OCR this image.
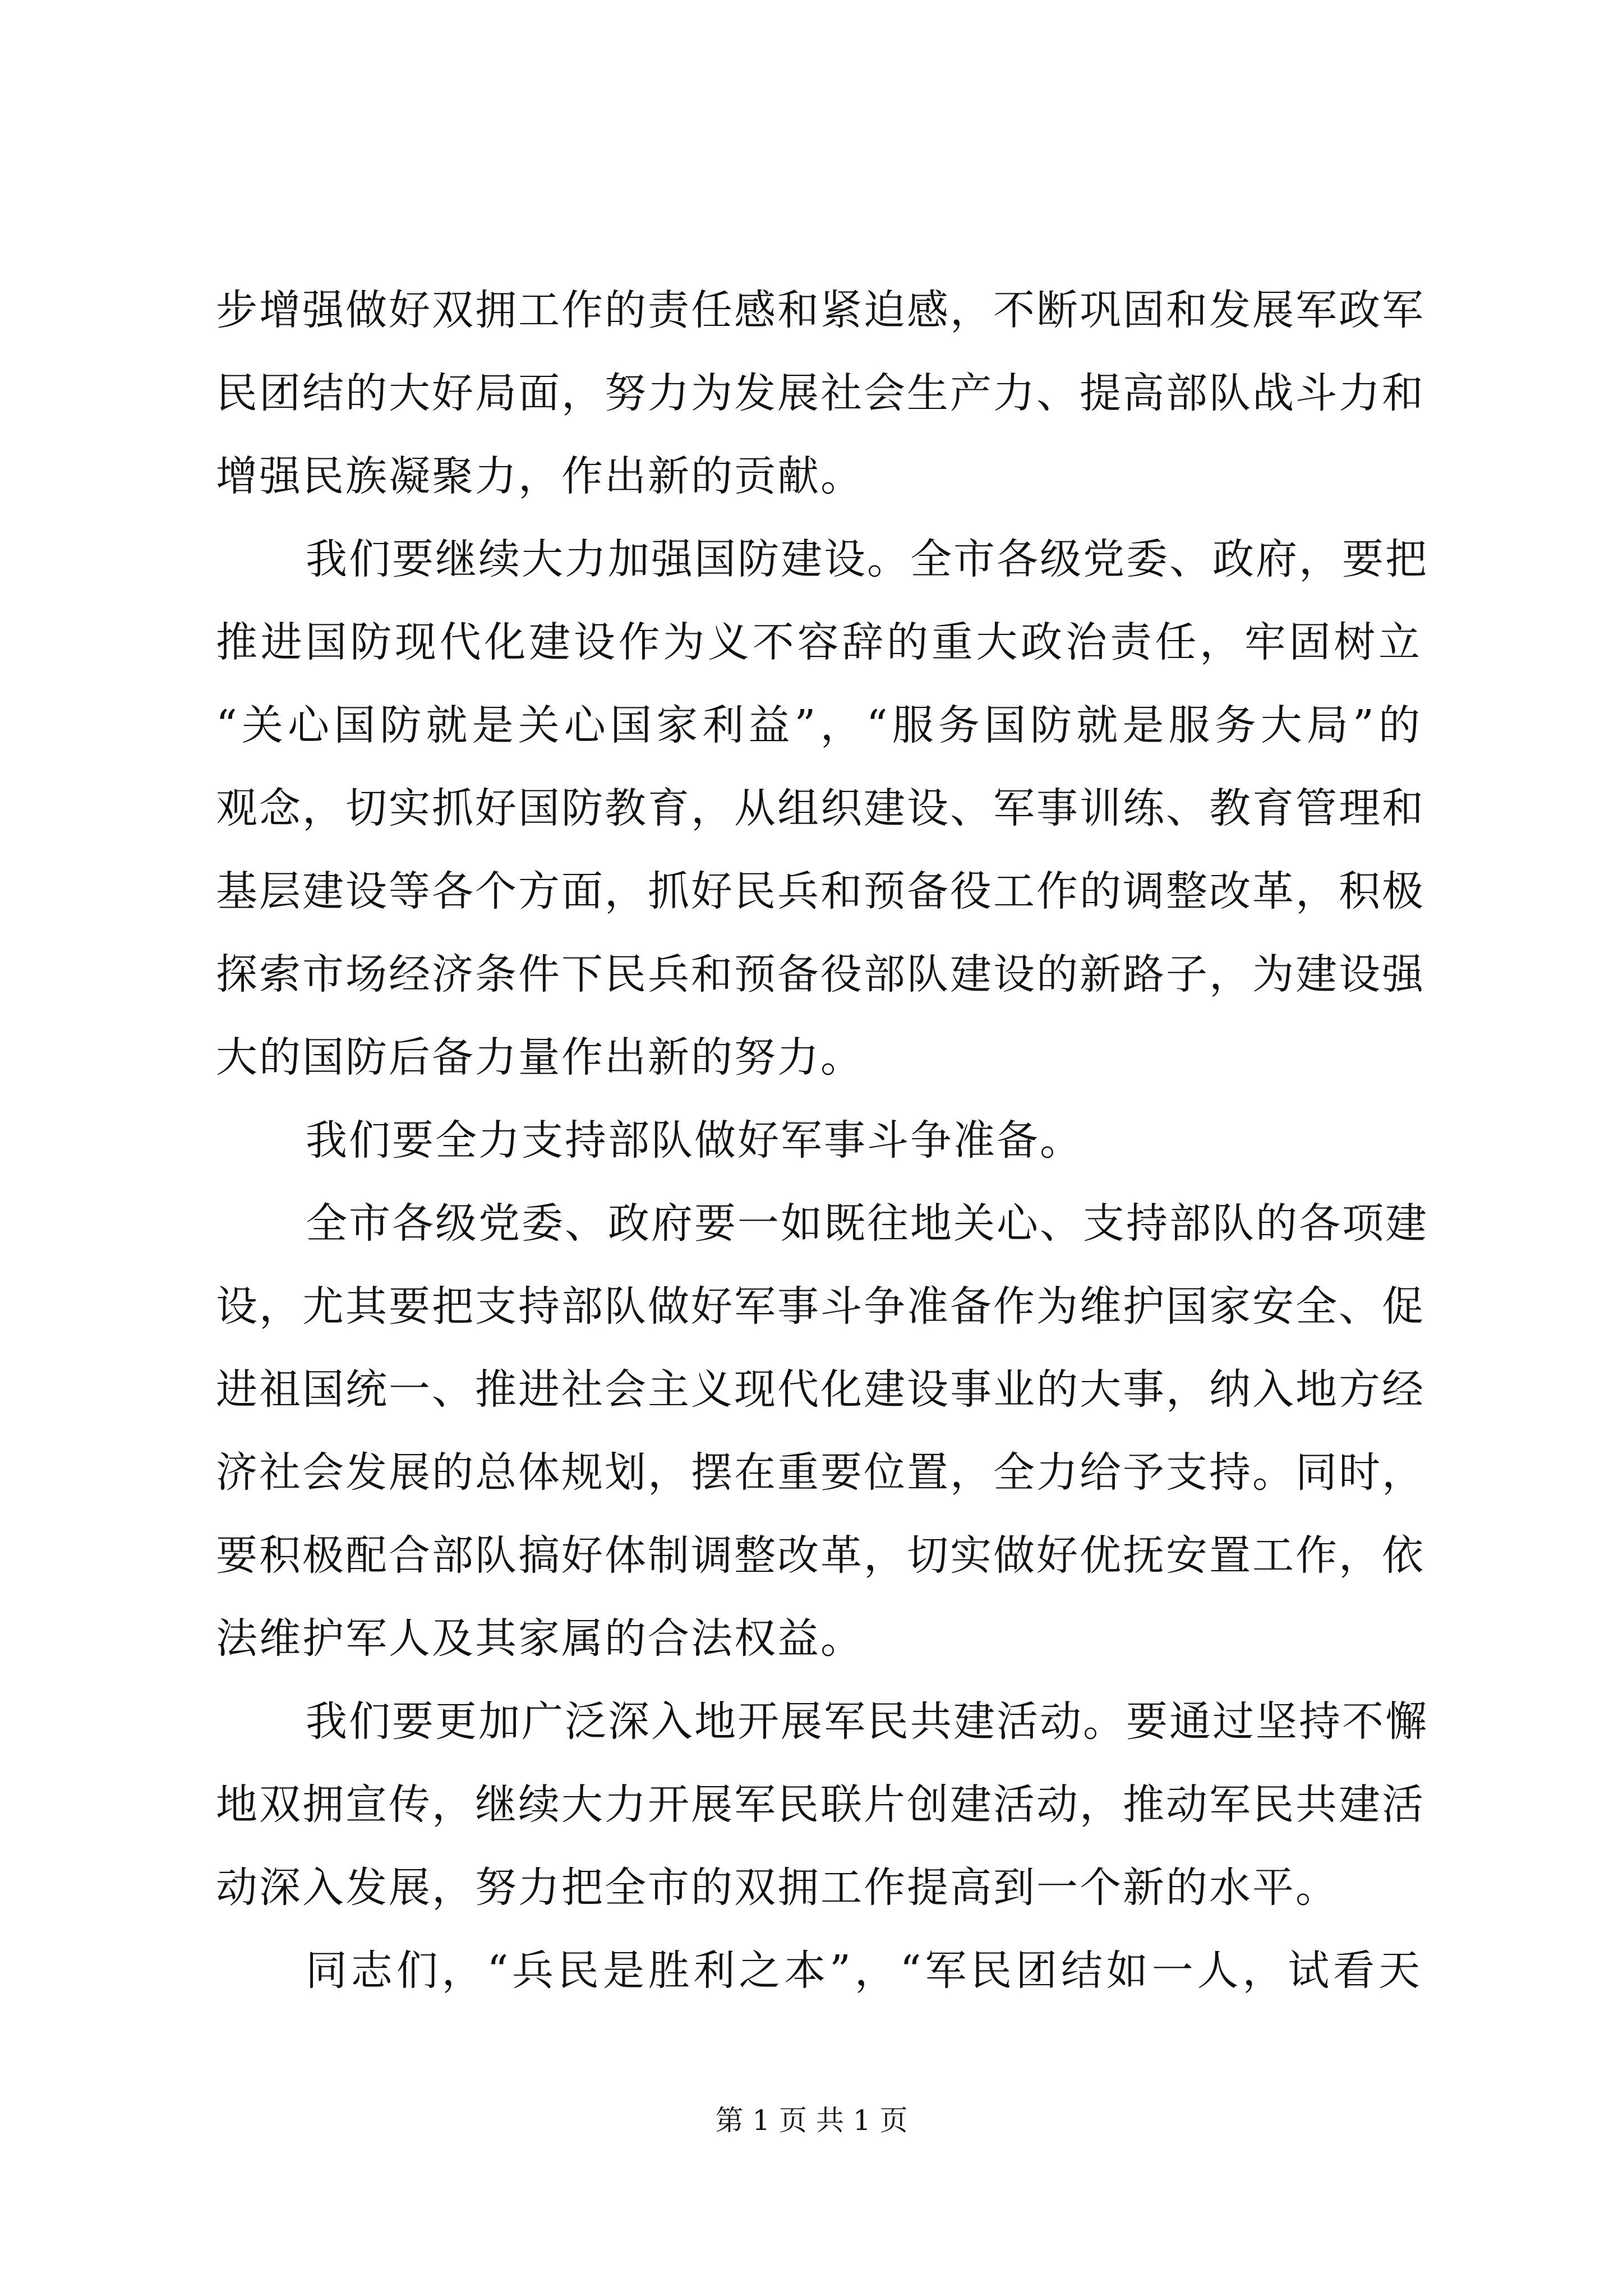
步增强做好双拥工作的责任感和紧迫感，不断巩固和发展军政军
民团结的大好局面，努力为发展社会生产力、提高部队战斗力和
增强民族凝聚力，作出新的贡献。
我们要继续大力加强国防建设。全市各级党委、政府，要把
推进国防现代化建设作为义不容辞的重大政治责任，牢固树立
“关心国防就是关心国家利益”，“服务国防就是服务大局”的
观念，切实抓好国防教育，从组织建设、军事训练、教育管理和
基层建设等各个方面，抓好民兵和预备役工作的调整改革，积极
探索市场经济条件下民兵和预备役部队建设的新路子，为建设强
大的国防后备力量作出新的努力。
我们要全力支持部队做好军事斗争准备。
全市各级党委、政府要一如既往地关心、支持部队的各项建
设，尤其要把支持部队做好军事斗争准备作为维护国家安全、促
进祖国统一、推进社会主义现代化建设事业的大事，纳入地方经
济社会发展的总体规划，摆在重要位置，全力给予支持。同时，
要积极配合部队搞好体制调整改革，切实做好优抚安置工作，依
法维护军人及其家属的合法权益。
我们要更加广泛深入地开展军民共建活动。要通过坚持不懈
地双拥宣传，继续大力开展军民联片创建活动，推动军民共建活
动深入发展，努力把全市的双拥工作提高到一个新的水平。
同志们，“兵民是胜利之本”，“军民团结如一人，试看天
第 1 页 共 1 页
